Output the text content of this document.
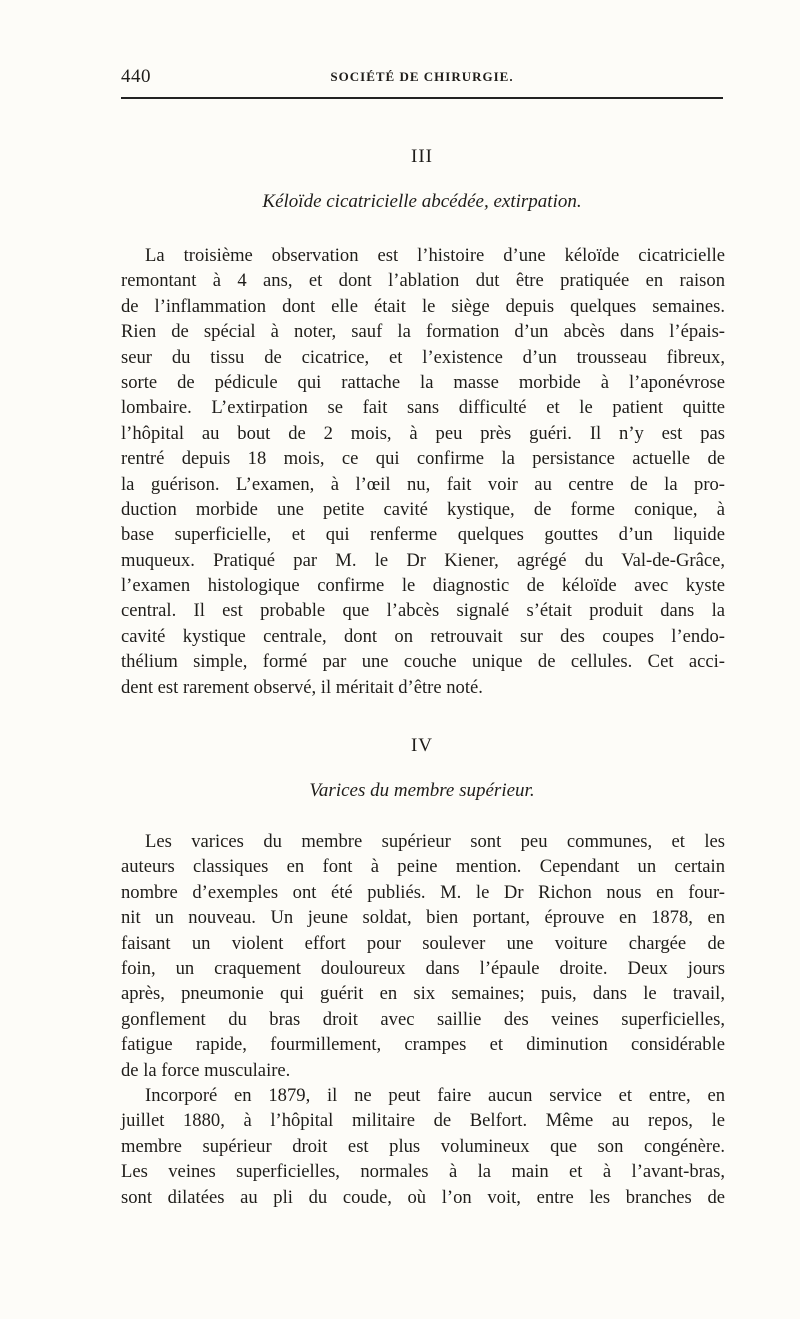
440	SOCIÉTÉ DE CHIRURGIE.
III
Kéloïde cicatricielle abcédée, extirpation.
La troisième observation est l’histoire d’une kéloïde cicatricielle
remontant à 4 ans, et dont l’ablation dut être pratiquée en raison
de l’inflammation dont elle était le siège depuis quelques semaines.
Rien de spécial à noter, sauf la formation d’un abcès dans l’épais-
seur du tissu de cicatrice, et l’existence d’un trousseau fibreux,
sorte de pédicule qui rattache la masse morbide à l’aponévrose
lombaire. L’extirpation se fait sans difficulté et le patient quitte
l’hôpital au bout de 2 mois, à peu près guéri. Il n’y est pas
rentré depuis 18 mois, ce qui confirme la persistance actuelle de
la guérison. L’examen, à l’œil nu, fait voir au centre de la pro-
duction morbide une petite cavité kystique, de forme conique, à
base superficielle, et qui renferme quelques gouttes d’un liquide
muqueux. Pratiqué par M. le Dr Kiener, agrégé du Val-de-Grâce,
l’examen histologique confirme le diagnostic de kéloïde avec kyste
central. Il est probable que l’abcès signalé s’était produit dans la
cavité kystique centrale, dont on retrouvait sur des coupes l’endo-
thélium simple, formé par une couche unique de cellules. Cet acci-
dent est rarement observé, il méritait d’être noté.
IV
Varices du membre supérieur.
Les varices du membre supérieur sont peu communes, et les
auteurs classiques en font à peine mention. Cependant un certain
nombre d’exemples ont été publiés. M. le Dr Richon nous en four-
nit un nouveau. Un jeune soldat, bien portant, éprouve en 1878, en
faisant un violent effort pour soulever une voiture chargée de
foin, un craquement douloureux dans l’épaule droite. Deux jours
après, pneumonie qui guérit en six semaines; puis, dans le travail,
gonflement du bras droit avec saillie des veines superficielles,
fatigue rapide, fourmillement, crampes et diminution considérable
de la force musculaire.
Incorporé en 1879, il ne peut faire aucun service et entre, en
juillet 1880, à l’hôpital militaire de Belfort. Même au repos, le
membre supérieur droit est plus volumineux que son congénère.
Les veines superficielles, normales à la main et à l’avant-bras,
sont dilatées au pli du coude, où l’on voit, entre les branches de
